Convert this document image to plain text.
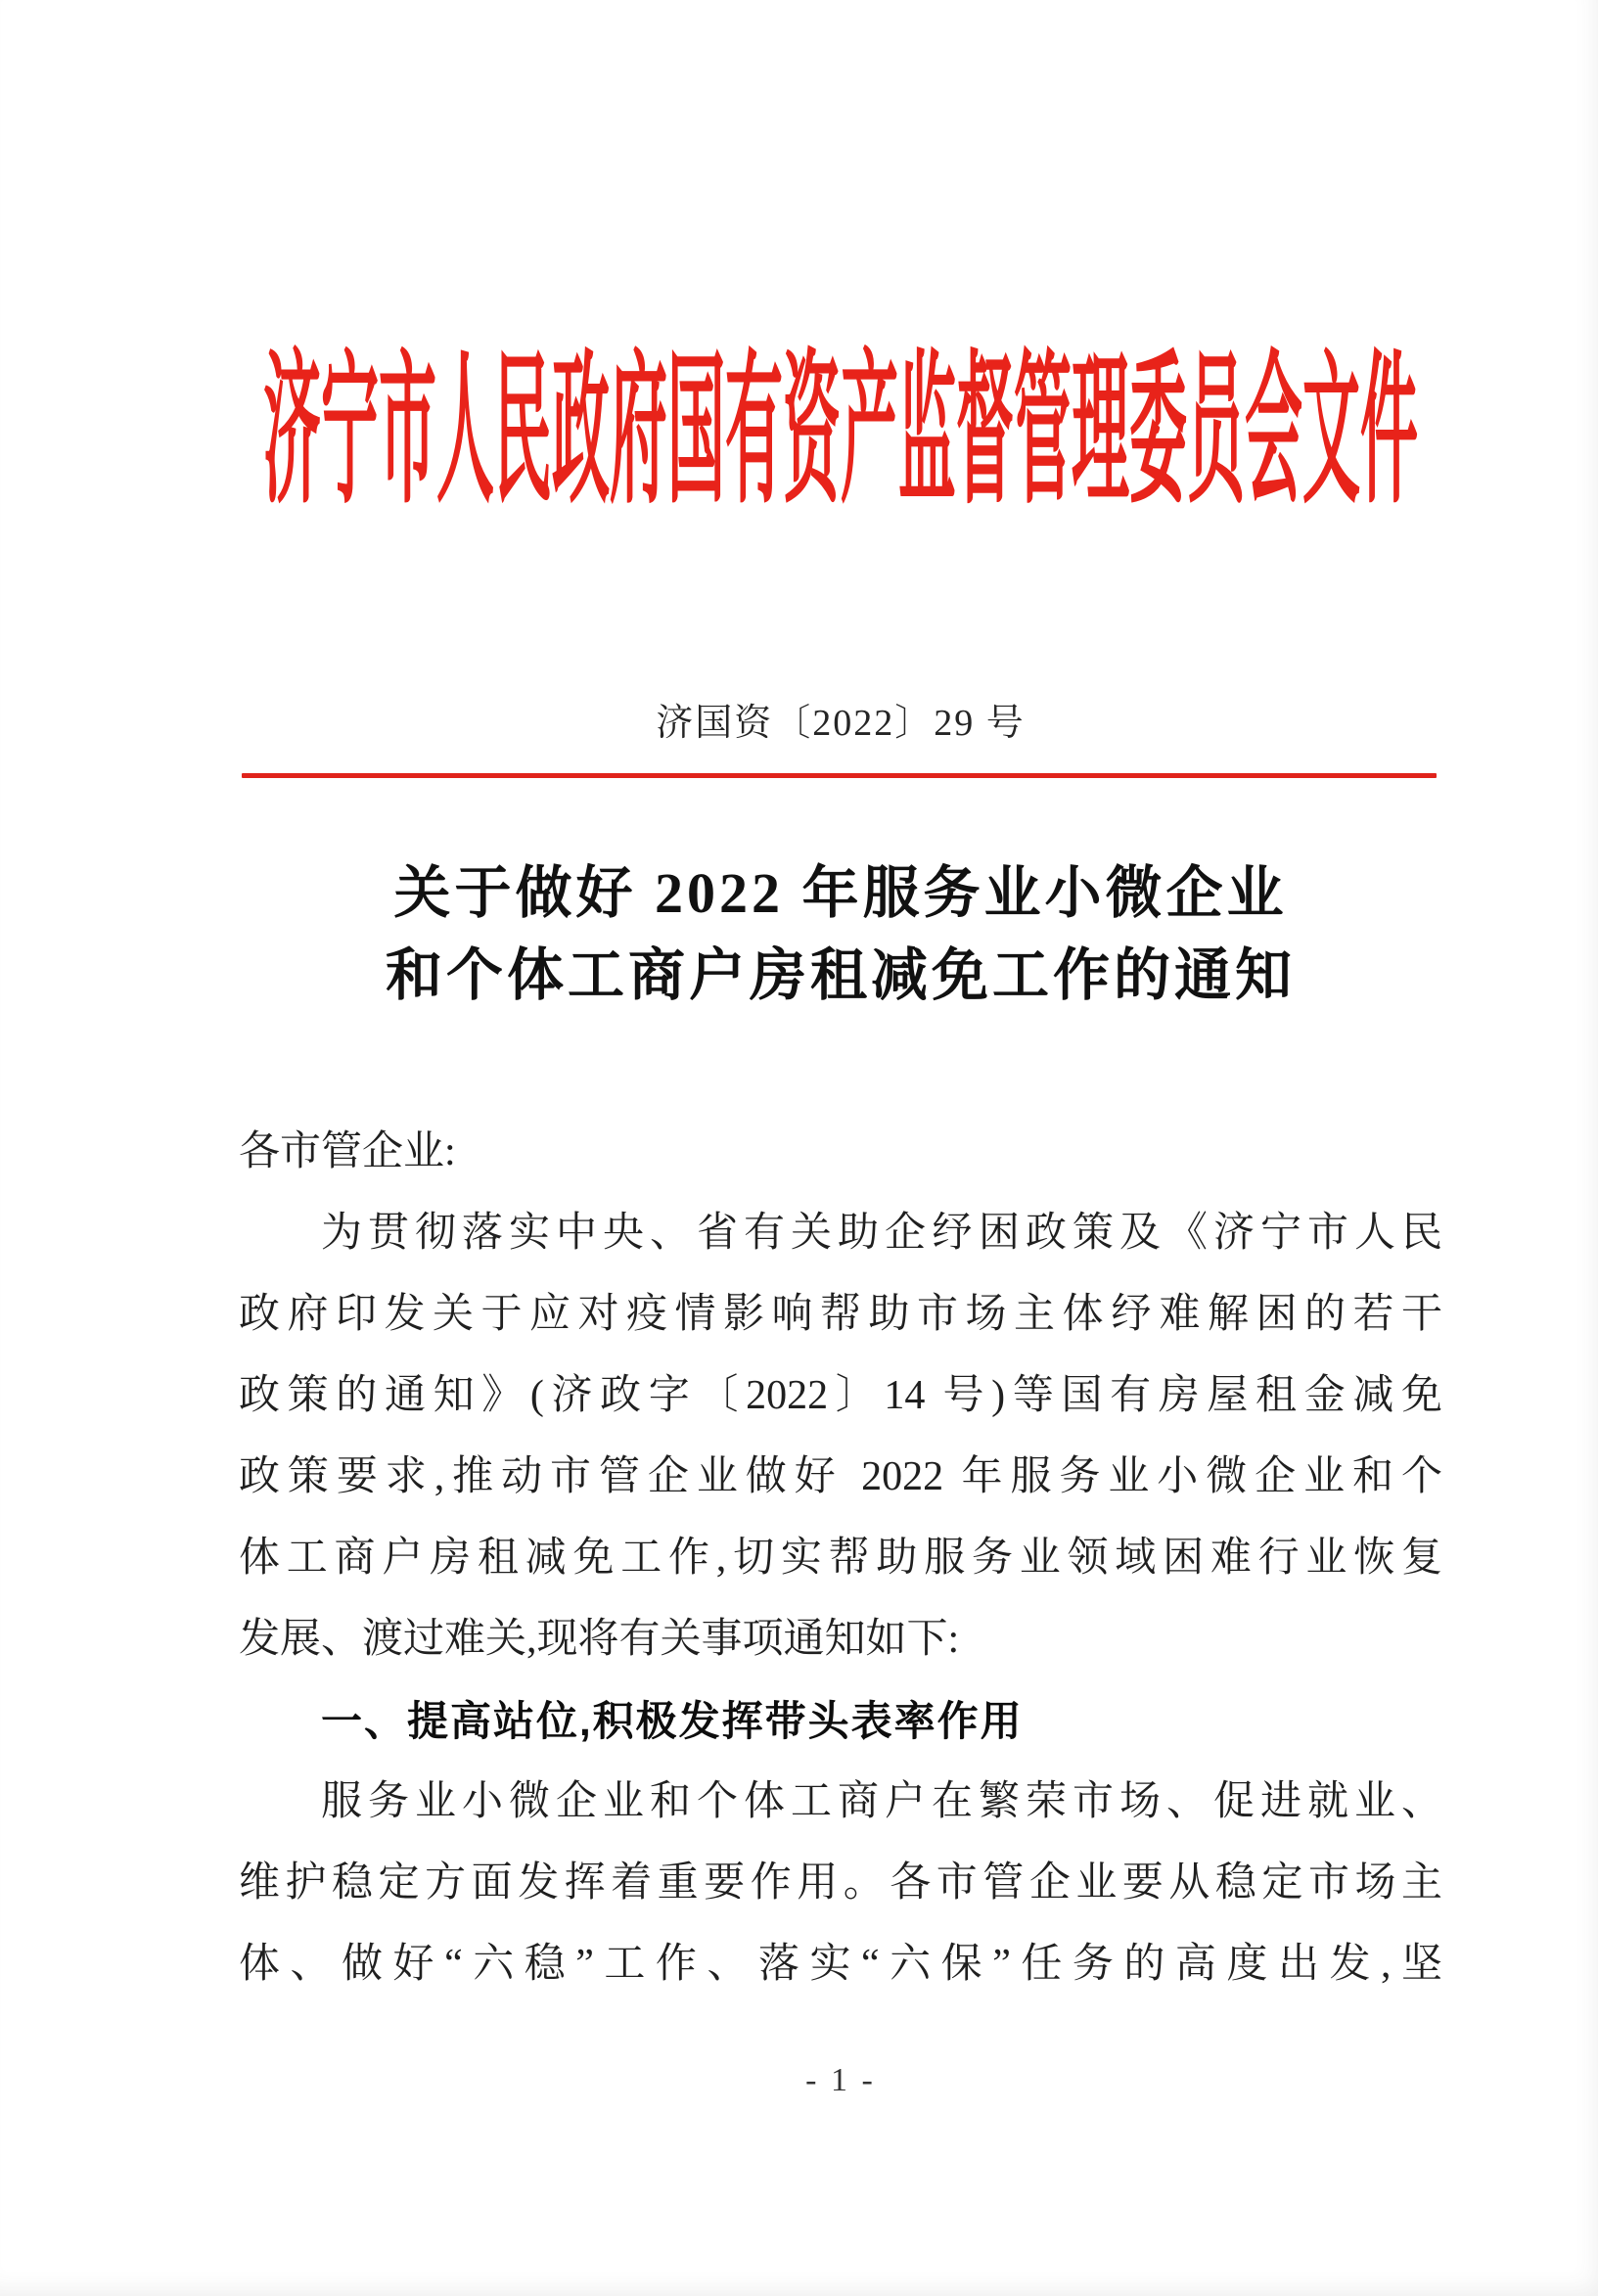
济宁市人民政府国有资产监督管理委员会文件
济国资〔2022〕29 号
关于做好 2022 年服务业小微企业
和个体工商户房租减免工作的通知
各市管企业:
为贯彻落实中央、省有关助企纾困政策及《济宁市人民
政府印发关于应对疫情影响帮助市场主体纾难解困的若干
政策的通知》(济政字〔2022〕14 号)等国有房屋租金减免
政策要求,推动市管企业做好 2022 年服务业小微企业和个
体工商户房租减免工作,切实帮助服务业领域困难行业恢复
发展、渡过难关,现将有关事项通知如下:
一、提高站位,积极发挥带头表率作用
服务业小微企业和个体工商户在繁荣市场、促进就业、
维护稳定方面发挥着重要作用。各市管企业要从稳定市场主
体、做好“六稳”工作、落实“六保”任务的高度出发,坚
- 1 -
